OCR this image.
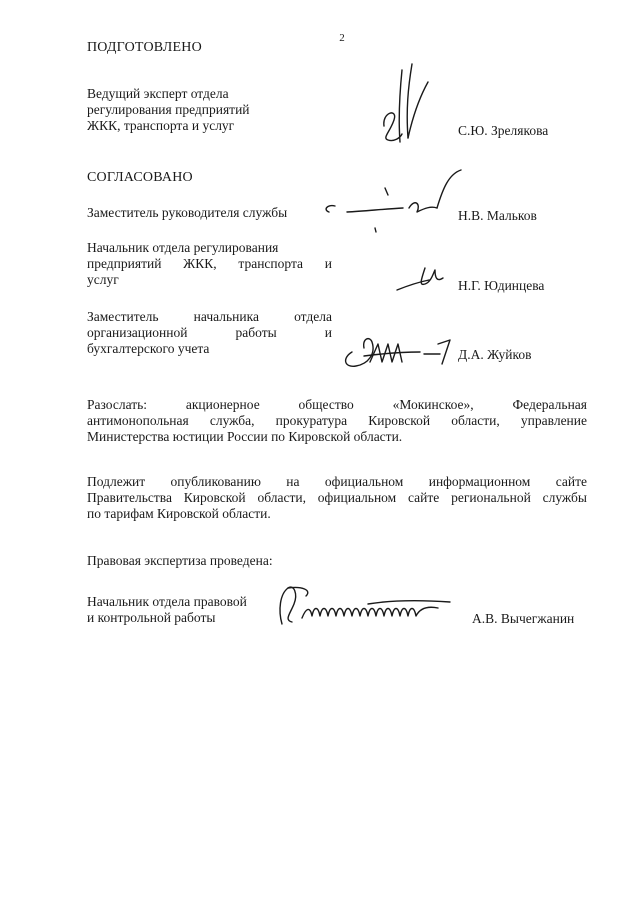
2
ПОДГОТОВЛЕНО
Ведущий эксперт отдела
регулирования предприятий
ЖКК, транспорта и услуг	С.Ю. Зрелякова
СОГЛАСОВАНО
Заместитель руководителя службы	Н.В. Мальков
Начальник отдела регулирования
предприятий ЖКК, транспорта и
услуг	Н.Г. Юдинцева
Заместитель начальника отдела
организационной работы и
бухгалтерского учета	Д.А. Жуйков
Разослать: акционерное общество «Мокинское», Федеральная
антимонопольная служба, прокуратура Кировской области, управление
Министерства юстиции России по Кировской области.
Подлежит опубликованию на официальном информационном сайте
Правительства Кировской области, официальном сайте региональной службы
по тарифам Кировской области.
Правовая экспертиза проведена:
Начальник отдела правовой
и контрольной работы	А.В. Вычегжанин
